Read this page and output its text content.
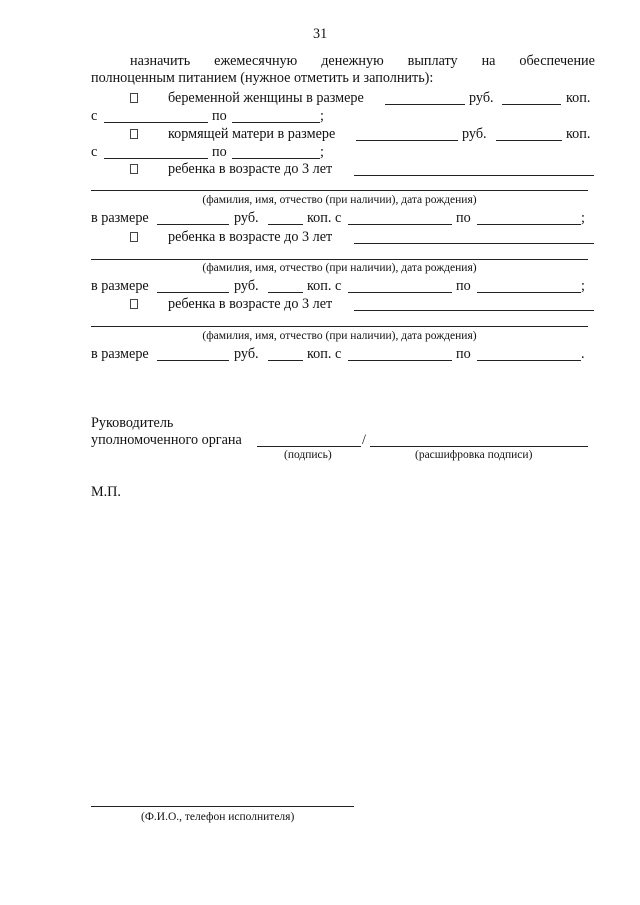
31
назначить ежемесячную денежную выплату на обеспечение
полноценным питанием (нужное отметить и заполнить):
беременной женщины в размере	руб.	коп.
с	по	;
кормящей матери в размере	руб.	коп.
с	по	;
ребенка в возрасте до 3 лет
(фамилия, имя, отчество (при наличии), дата рождения)
в размере	руб.	коп. с	по	;
ребенка в возрасте до 3 лет
(фамилия, имя, отчество (при наличии), дата рождения)
в размере	руб.	коп. с	по	;
ребенка в возрасте до 3 лет
(фамилия, имя, отчество (при наличии), дата рождения)
в размере	руб.	коп. с	по	.
Руководитель
уполномоченного органа	/
(подпись)	(расшифровка подписи)
М.П.
(Ф.И.О., телефон исполнителя)
